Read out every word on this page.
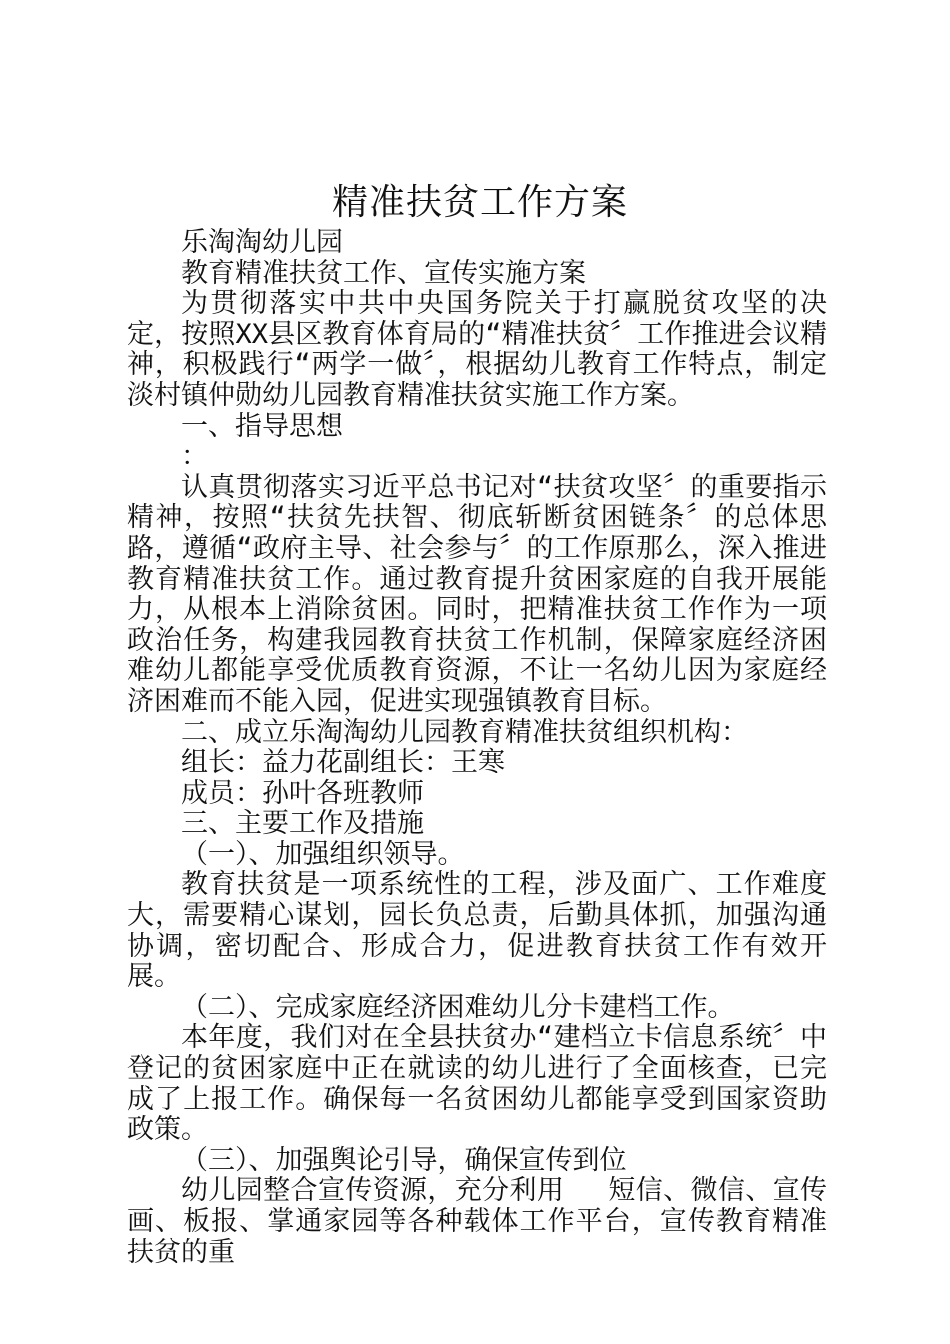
精准扶贫工作方案

乐淘淘幼儿园

教育精准扶贫工作、宣传实施方案

为贯彻落实中共中央国务院关于打赢脱贫攻坚的决定，按照XX县区教育体育局的“精准扶贫〞工作推进会议精神，积极践行“两学一做〞，根据幼儿教育工作特点，制定淡村镇仲勋幼儿园教育精准扶贫实施工作方案。

一、指导思想

：

认真贯彻落实习近平总书记对“扶贫攻坚〞的重要指示精神，按照“扶贫先扶智、彻底斩断贫困链条〞的总体思路，遵循“政府主导、社会参与〞的工作原那么，深入推进教育精准扶贫工作。通过教育提升贫困家庭的自我开展能力，从根本上消除贫困。同时，把精准扶贫工作作为一项政治任务，构建我园教育扶贫工作机制，保障家庭经济困难幼儿都能享受优质教育资源，不让一名幼儿因为家庭经济困难而不能入园，促进实现强镇教育目标。

二、成立乐淘淘幼儿园教育精准扶贫组织机构：

组长：益力花副组长：王寒

成员：孙叶各班教师

三、主要工作及措施

（一）、加强组织领导。

教育扶贫是一项系统性的工程，涉及面广、工作难度大，需要精心谋划，园长负总责，后勤具体抓，加强沟通协调，密切配合、形成合力，促进教育扶贫工作有效开展。

（二）、完成家庭经济困难幼儿分卡建档工作。

本年度，我们对在全县扶贫办“建档立卡信息系统〞中登记的贫困家庭中正在就读的幼儿进行了全面核查，已完成了上报工作。确保每一名贫困幼儿都能享受到国家资助政策。

（三）、加强舆论引导，确保宣传到位

幼儿园整合宣传资源，充分利用　 短信、微信、宣传画、板报、掌通家园等各种载体工作平台，宣传教育精准扶贫的重
